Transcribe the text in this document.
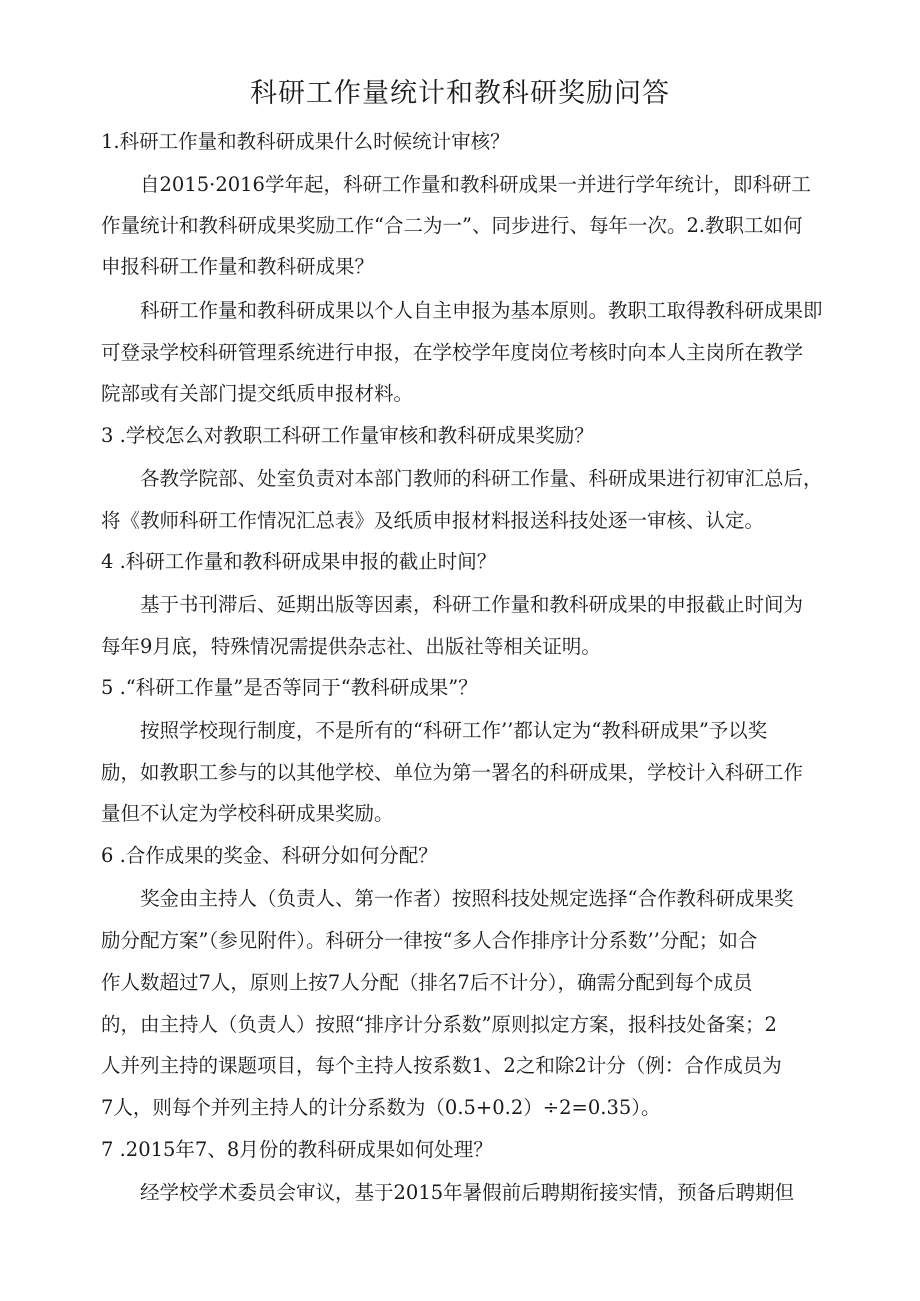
科研工作量统计和教科研奖励问答
1.科研工作量和教科研成果什么时候统计审核？
自2015·2016学年起，科研工作量和教科研成果一并进行学年统计，即科研工
作量统计和教科研成果奖励工作“合二为一”、同步进行、每年一次。2.教职工如何
申报科研工作量和教科研成果？
科研工作量和教科研成果以个人自主申报为基本原则。教职工取得教科研成果即
可登录学校科研管理系统进行申报，在学校学年度岗位考核时向本人主岗所在教学
院部或有关部门提交纸质申报材料。
3 .学校怎么对教职工科研工作量审核和教科研成果奖励？
各教学院部、处室负责对本部门教师的科研工作量、科研成果进行初审汇总后，
将《教师科研工作情况汇总表》及纸质申报材料报送科技处逐一审核、认定。
4 .科研工作量和教科研成果申报的截止时间？
基于书刊滞后、延期出版等因素，科研工作量和教科研成果的申报截止时间为
每年9月底，特殊情况需提供杂志社、出版社等相关证明。
5 .“科研工作量”是否等同于“教科研成果”？
按照学校现行制度，不是所有的“科研工作’’都认定为“教科研成果”予以奖
励，如教职工参与的以其他学校、单位为第一署名的科研成果，学校计入科研工作
量但不认定为学校科研成果奖励。
6 .合作成果的奖金、科研分如何分配？
奖金由主持人（负责人、第一作者）按照科技处规定选择“合作教科研成果奖
励分配方案”（参见附件）。科研分一律按“多人合作排序计分系数’’分配；如合
作人数超过7人，原则上按7人分配（排名7后不计分），确需分配到每个成员
的，由主持人（负责人）按照“排序计分系数”原则拟定方案，报科技处备案；2
人并列主持的课题项目，每个主持人按系数1、2之和除2计分（例：合作成员为
7人，则每个并列主持人的计分系数为（0.5+0.2）÷2=0.35）。
7 .2015年7、8月份的教科研成果如何处理？
经学校学术委员会审议，基于2015年暑假前后聘期衔接实情，预备后聘期但
